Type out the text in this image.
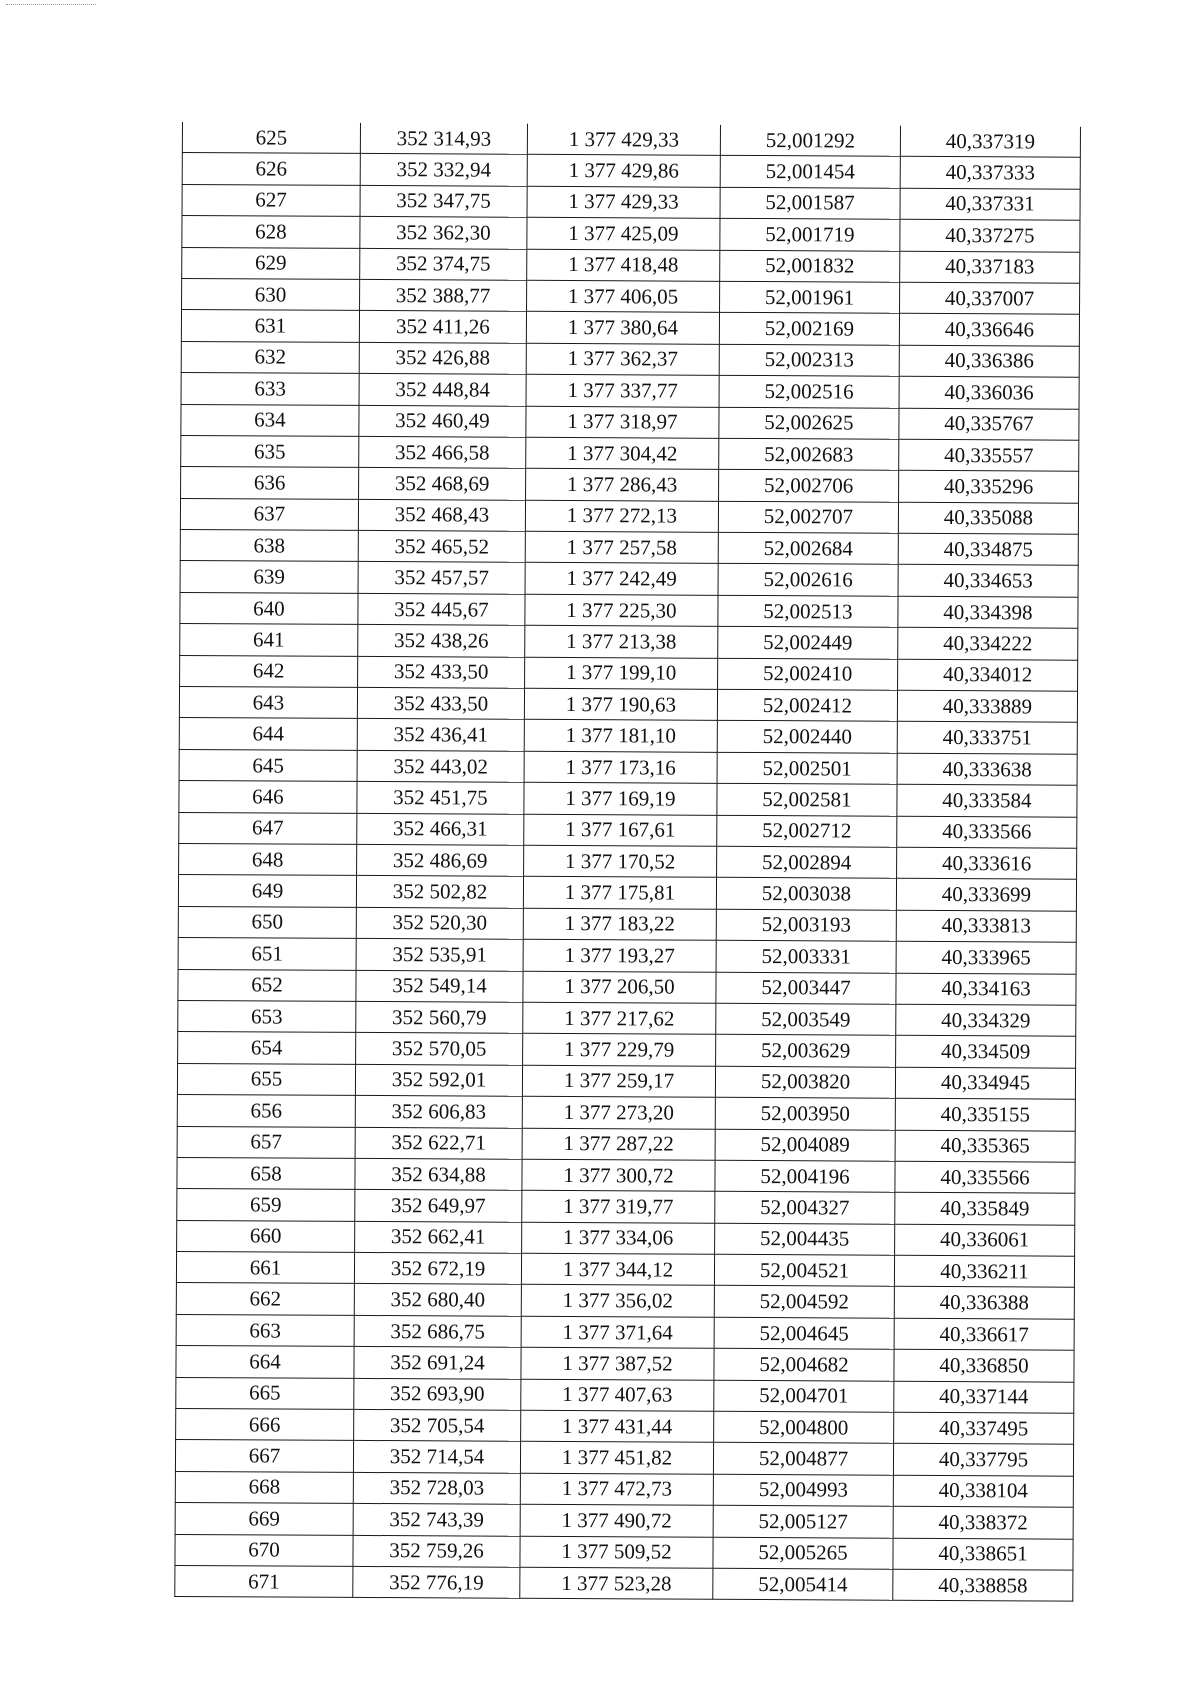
625	352 314,93	1 377 429,33	52,001292	40,337319
626	352 332,94	1 377 429,86	52,001454	40,337333
627	352 347,75	1 377 429,33	52,001587	40,337331
628	352 362,30	1 377 425,09	52,001719	40,337275
629	352 374,75	1 377 418,48	52,001832	40,337183
630	352 388,77	1 377 406,05	52,001961	40,337007
631	352 411,26	1 377 380,64	52,002169	40,336646
632	352 426,88	1 377 362,37	52,002313	40,336386
633	352 448,84	1 377 337,77	52,002516	40,336036
634	352 460,49	1 377 318,97	52,002625	40,335767
635	352 466,58	1 377 304,42	52,002683	40,335557
636	352 468,69	1 377 286,43	52,002706	40,335296
637	352 468,43	1 377 272,13	52,002707	40,335088
638	352 465,52	1 377 257,58	52,002684	40,334875
639	352 457,57	1 377 242,49	52,002616	40,334653
640	352 445,67	1 377 225,30	52,002513	40,334398
641	352 438,26	1 377 213,38	52,002449	40,334222
642	352 433,50	1 377 199,10	52,002410	40,334012
643	352 433,50	1 377 190,63	52,002412	40,333889
644	352 436,41	1 377 181,10	52,002440	40,333751
645	352 443,02	1 377 173,16	52,002501	40,333638
646	352 451,75	1 377 169,19	52,002581	40,333584
647	352 466,31	1 377 167,61	52,002712	40,333566
648	352 486,69	1 377 170,52	52,002894	40,333616
649	352 502,82	1 377 175,81	52,003038	40,333699
650	352 520,30	1 377 183,22	52,003193	40,333813
651	352 535,91	1 377 193,27	52,003331	40,333965
652	352 549,14	1 377 206,50	52,003447	40,334163
653	352 560,79	1 377 217,62	52,003549	40,334329
654	352 570,05	1 377 229,79	52,003629	40,334509
655	352 592,01	1 377 259,17	52,003820	40,334945
656	352 606,83	1 377 273,20	52,003950	40,335155
657	352 622,71	1 377 287,22	52,004089	40,335365
658	352 634,88	1 377 300,72	52,004196	40,335566
659	352 649,97	1 377 319,77	52,004327	40,335849
660	352 662,41	1 377 334,06	52,004435	40,336061
661	352 672,19	1 377 344,12	52,004521	40,336211
662	352 680,40	1 377 356,02	52,004592	40,336388
663	352 686,75	1 377 371,64	52,004645	40,336617
664	352 691,24	1 377 387,52	52,004682	40,336850
665	352 693,90	1 377 407,63	52,004701	40,337144
666	352 705,54	1 377 431,44	52,004800	40,337495
667	352 714,54	1 377 451,82	52,004877	40,337795
668	352 728,03	1 377 472,73	52,004993	40,338104
669	352 743,39	1 377 490,72	52,005127	40,338372
670	352 759,26	1 377 509,52	52,005265	40,338651
671	352 776,19	1 377 523,28	52,005414	40,338858
